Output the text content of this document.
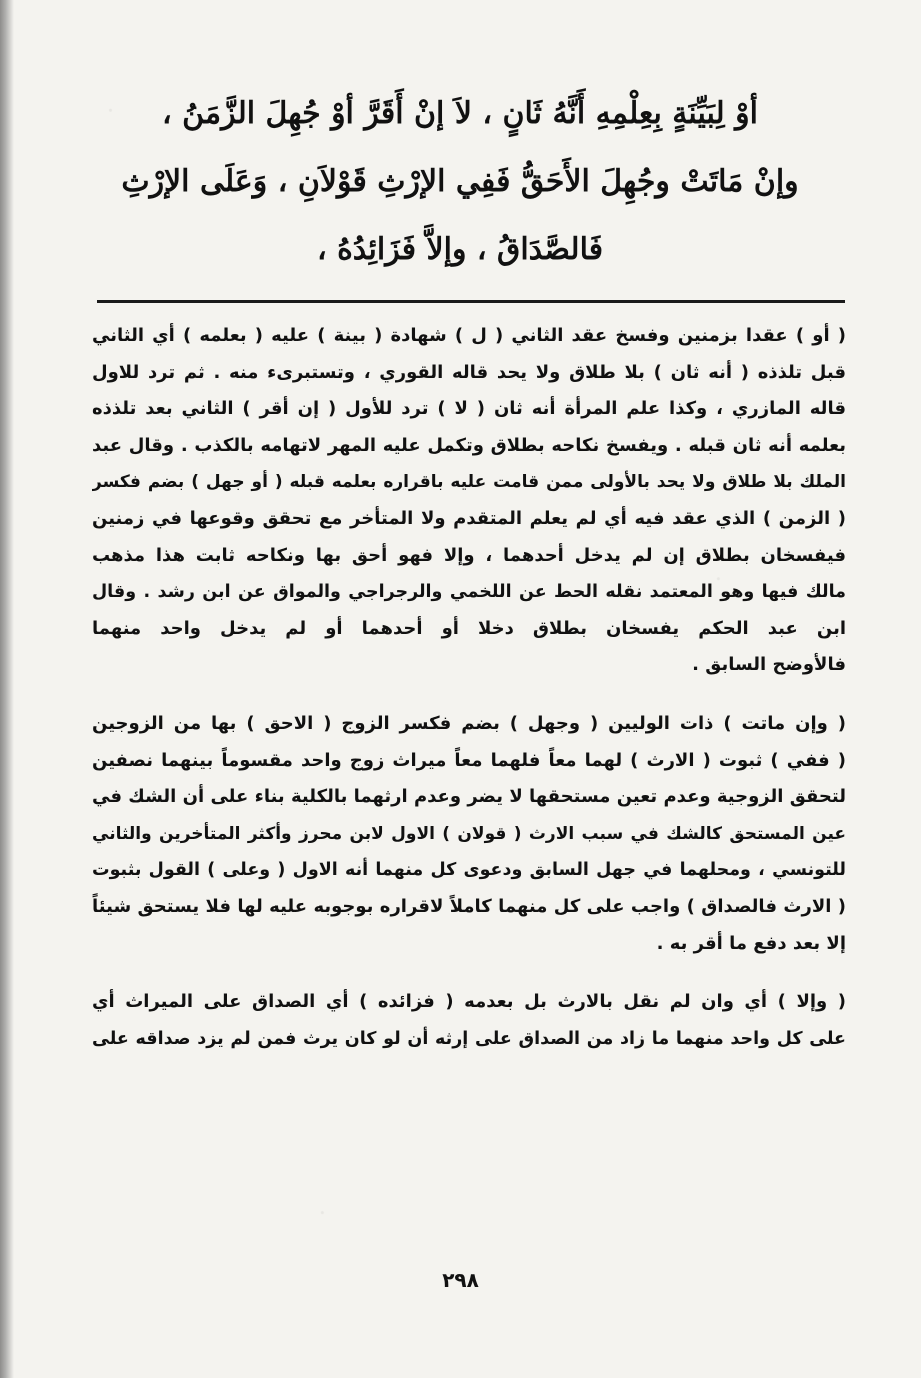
أوْ لِبَيِّنَةٍ بِعِلْمِهِ أَنَّهُ ثَانٍ ، لاَ إنْ أَقَرَّ أوْ جُهِلَ الزَّمَنُ ،
وإنْ مَاتَتْ وجُهِلَ الأَحَقُّ فَفِي الإرْثِ قَوْلاَنِ ، وَعَلَى الإرْثِ
فَالصَّدَاقُ ، وإلاَّ فَزَائِدُهُ ،

( أو ) عقدا بزمنين وفسخ عقد الثاني ( ل ) شهادة ( بينة ) عليه ( بعلمه ) أي الثاني
قبل تلذذه ( أنه ثان ) بلا طلاق ولا يحد قاله القوري ، وتستبرىء منه . ثم ترد للاول
قاله المازري ، وكذا علم المرأة أنه ثان ( لا ) ترد للأول ( إن أقر ) الثاني بعد تلذذه
بعلمه أنه ثان قبله . ويفسخ نكاحه بطلاق وتكمل عليه المهر لاتهامه بالكذب . وقال عبد
الملك بلا طلاق ولا يحد بالأولى ممن قامت عليه باقراره بعلمه قبله ( أو جهل ) بضم فكسر
( الزمن ) الذي عقد فيه أي لم يعلم المتقدم ولا المتأخر مع تحقق وقوعها في زمنين
فيفسخان بطلاق إن لم يدخل أحدهما ، وإلا فهو أحق بها ونكاحه ثابت هذا مذهب
مالك فيها وهو المعتمد نقله الحط عن اللخمي والرجراجي والمواق عن ابن رشد . وقال
ابن عبد الحكم يفسخان بطلاق دخلا أو أحدهما أو لم يدخل واحد منهما
فالأوضح السابق .

( وإن ماتت ) ذات الوليين ( وجهل ) بضم فكسر الزوج ( الاحق ) بها من الزوجين
( ففي ) ثبوت ( الارث ) لهما معاً فلهما معاً ميراث زوج واحد مقسوماً بينهما نصفين
لتحقق الزوجية وعدم تعين مستحقها لا يضر وعدم ارثهما بالكلية بناء على أن الشك في
عين المستحق كالشك في سبب الارث ( قولان ) الاول لابن محرز وأكثر المتأخرين والثاني
للتونسي ، ومحلهما في جهل السابق ودعوى كل منهما أنه الاول ( وعلى ) القول بثبوت
( الارث فالصداق ) واجب على كل منهما كاملاً لاقراره بوجوبه عليه لها فلا يستحق شيئاً
إلا بعد دفع ما أقر به .

( وإلا ) أي وان لم نقل بالارث بل بعدمه ( فزائده ) أي الصداق على الميراث أي
على كل واحد منهما ما زاد من الصداق على إرثه أن لو كان يرث فمن لم يزد صداقه على

٢٩٨
